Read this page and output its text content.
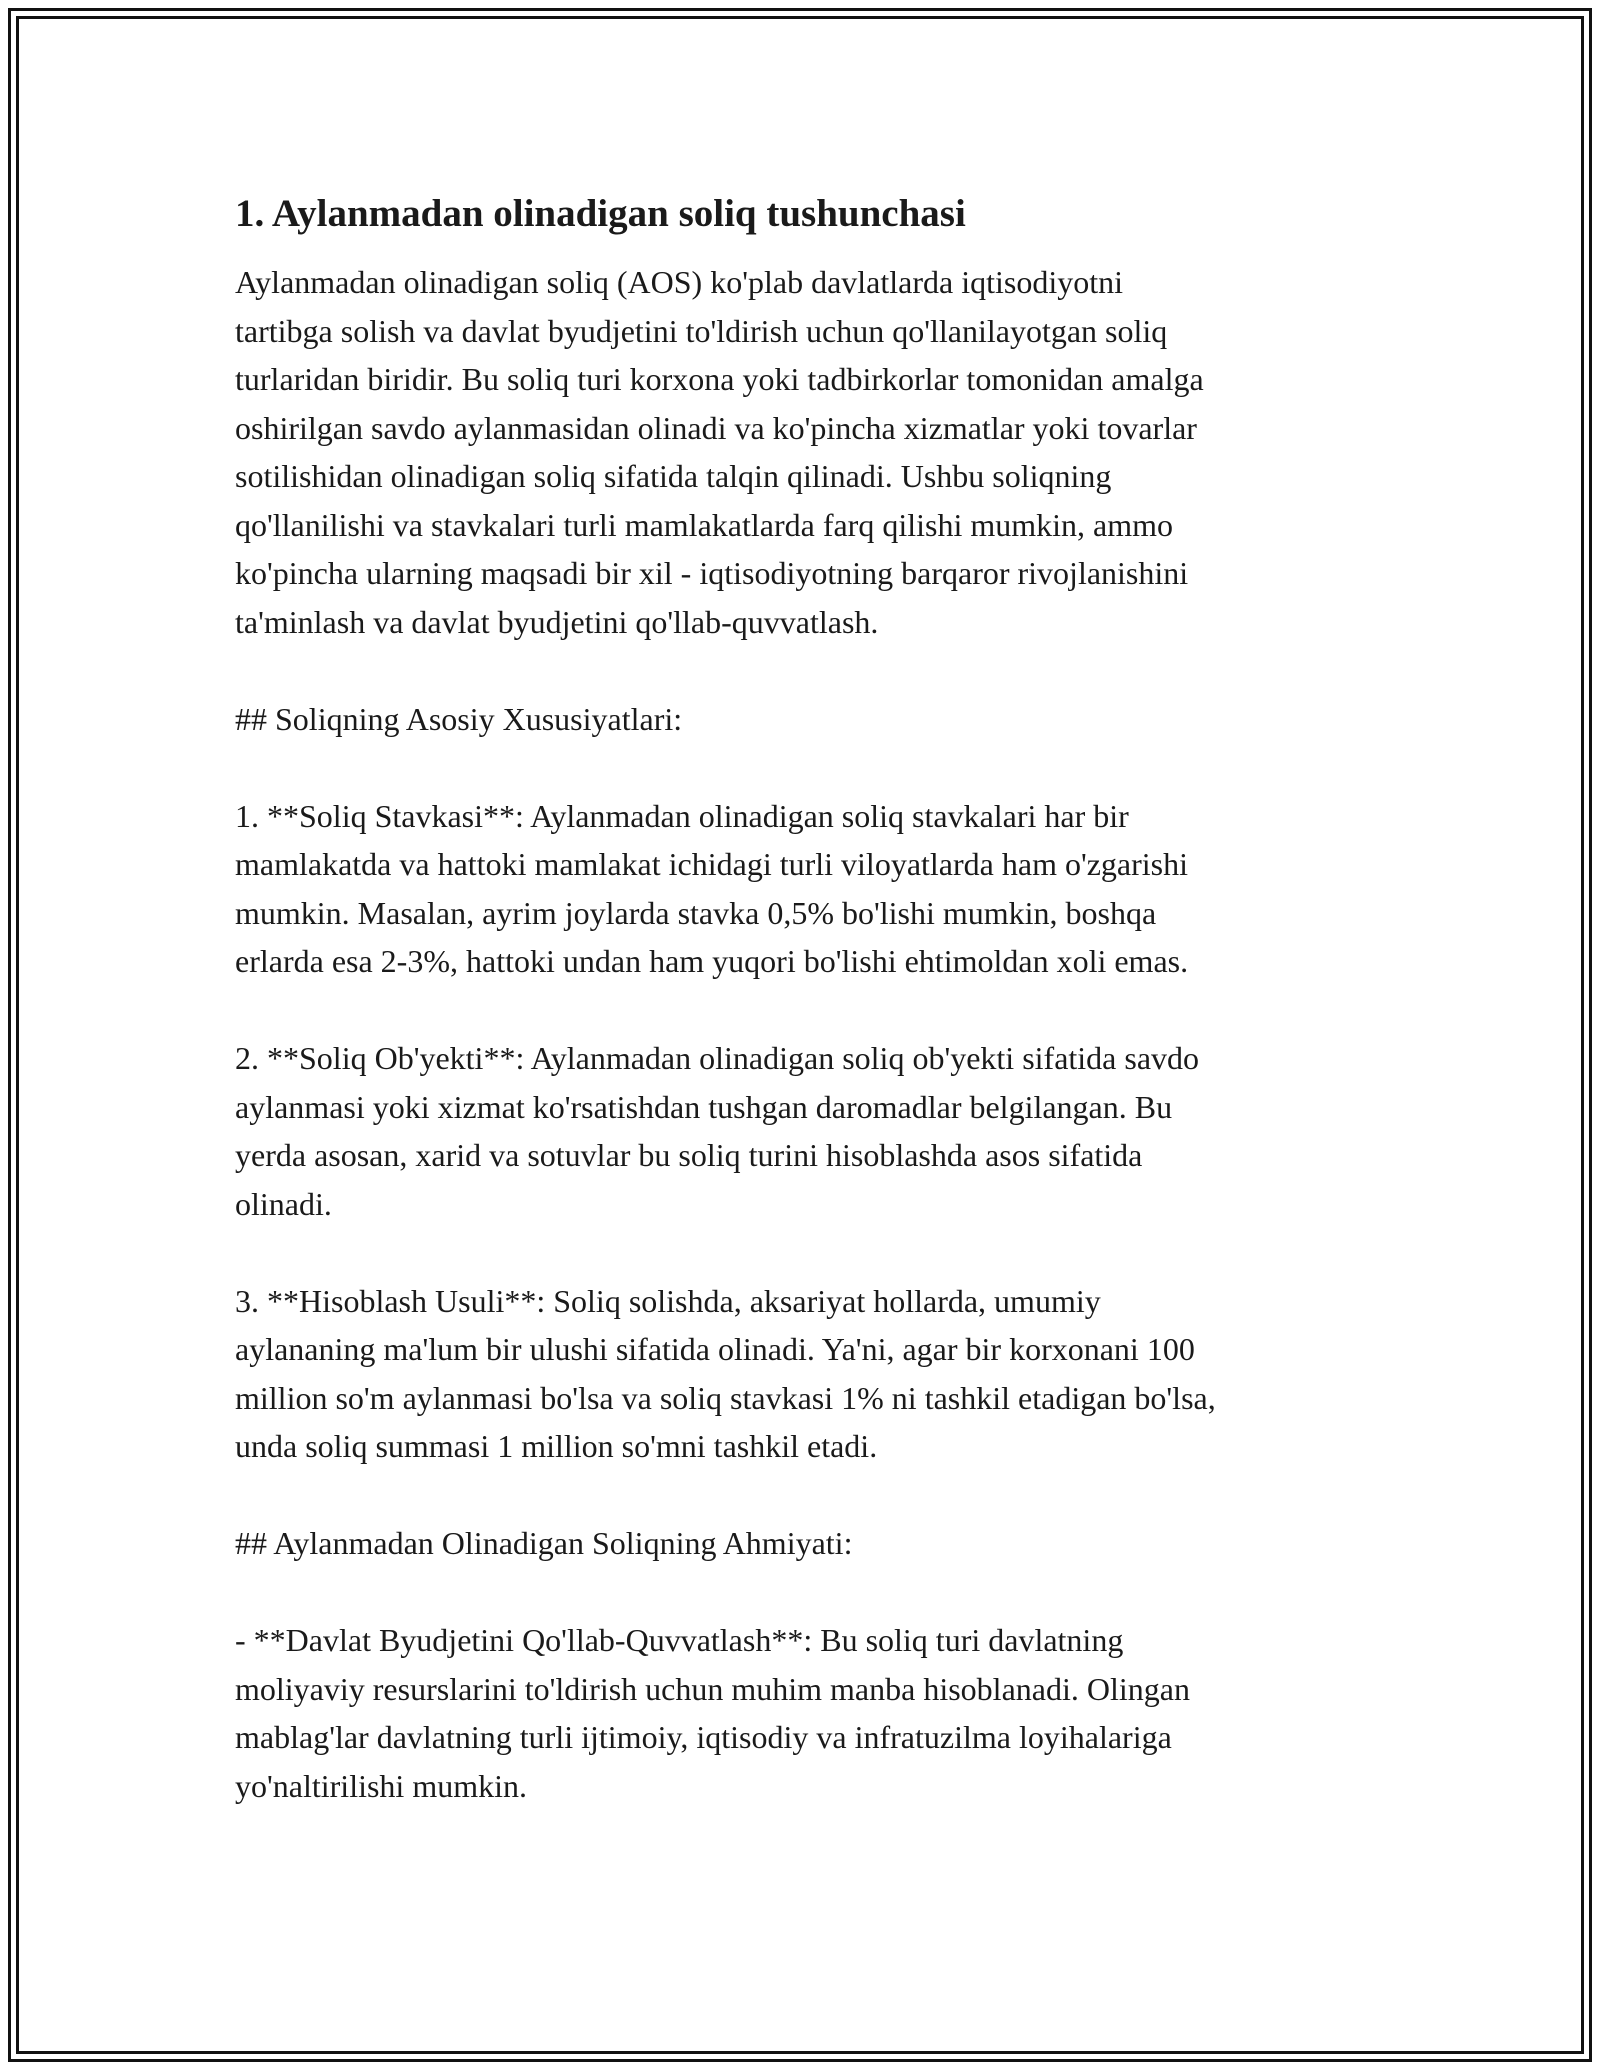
1. Aylanmadan olinadigan soliq tushunchasi

Aylanmadan olinadigan soliq (AOS) ko'plab davlatlarda iqtisodiyotni
tartibga solish va davlat byudjetini to'ldirish uchun qo'llanilayotgan soliq
turlaridan biridir. Bu soliq turi korxona yoki tadbirkorlar tomonidan amalga
oshirilgan savdo aylanmasidan olinadi va ko'pincha xizmatlar yoki tovarlar
sotilishidan olinadigan soliq sifatida talqin qilinadi. Ushbu soliqning
qo'llanilishi va stavkalari turli mamlakatlarda farq qilishi mumkin, ammo
ko'pincha ularning maqsadi bir xil - iqtisodiyotning barqaror rivojlanishini
ta'minlash va davlat byudjetini qo'llab-quvvatlash.

## Soliqning Asosiy Xususiyatlari:

1. **Soliq Stavkasi**: Aylanmadan olinadigan soliq stavkalari har bir
mamlakatda va hattoki mamlakat ichidagi turli viloyatlarda ham o'zgarishi
mumkin. Masalan, ayrim joylarda stavka 0,5% bo'lishi mumkin, boshqa
erlarda esa 2-3%, hattoki undan ham yuqori bo'lishi ehtimoldan xoli emas.

2. **Soliq Ob'yekti**: Aylanmadan olinadigan soliq ob'yekti sifatida savdo
aylanmasi yoki xizmat ko'rsatishdan tushgan daromadlar belgilangan. Bu
yerda asosan, xarid va sotuvlar bu soliq turini hisoblashda asos sifatida
olinadi.

3. **Hisoblash Usuli**: Soliq solishda, aksariyat hollarda, umumiy
aylananing ma'lum bir ulushi sifatida olinadi. Ya'ni, agar bir korxonani 100
million so'm aylanmasi bo'lsa va soliq stavkasi 1% ni tashkil etadigan bo'lsa,
unda soliq summasi 1 million so'mni tashkil etadi.

## Aylanmadan Olinadigan Soliqning Ahmiyati:

- **Davlat Byudjetini Qo'llab-Quvvatlash**: Bu soliq turi davlatning
moliyaviy resurslarini to'ldirish uchun muhim manba hisoblanadi. Olingan
mablag'lar davlatning turli ijtimoiy, iqtisodiy va infratuzilma loyihalariga
yo'naltirilishi mumkin.
